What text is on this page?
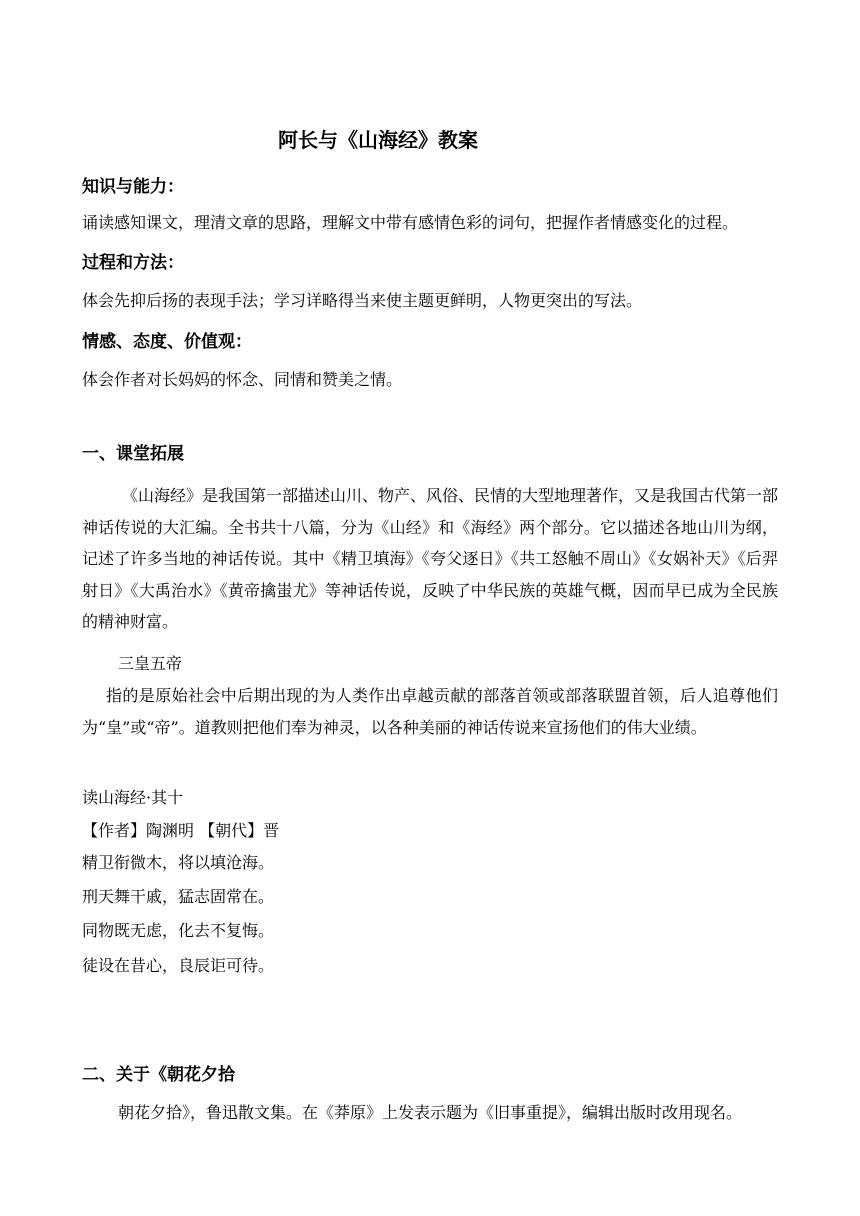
阿长与《山海经》教案
知识与能力：
诵读感知课文，理清文章的思路，理解文中带有感情色彩的词句，把握作者情感变化的过程。
过程和方法：
体会先抑后扬的表现手法；学习详略得当来使主题更鲜明，人物更突出的写法。
情感、态度、价值观：
体会作者对长妈妈的怀念、同情和赞美之情。
一、课堂拓展
《山海经》是我国第一部描述山川、物产、风俗、民情的大型地理著作，又是我国古代第一部神话传说的大汇编。全书共十八篇，分为《山经》和《海经》两个部分。它以描述各地山川为纲，记述了许多当地的神话传说。其中《精卫填海》《夸父逐日》《共工怒触不周山》《女娲补天》《后羿射日》《大禹治水》《黄帝擒蚩尤》等神话传说，反映了中华民族的英雄气概，因而早已成为全民族的精神财富。
三皇五帝
指的是原始社会中后期出现的为人类作出卓越贡献的部落首领或部落联盟首领，后人追尊他们为“皇”或“帝”。道教则把他们奉为神灵，以各种美丽的神话传说来宣扬他们的伟大业绩。
读山海经·其十
【作者】陶渊明 【朝代】晋
精卫衔微木，将以填沧海。
刑天舞干戚，猛志固常在。
同物既无虑，化去不复悔。
徒设在昔心，良辰讵可待。
二、关于《朝花夕拾
朝花夕拾》，鲁迅散文集。在《莽原》上发表示题为《旧事重提》，编辑出版时改用现名。
